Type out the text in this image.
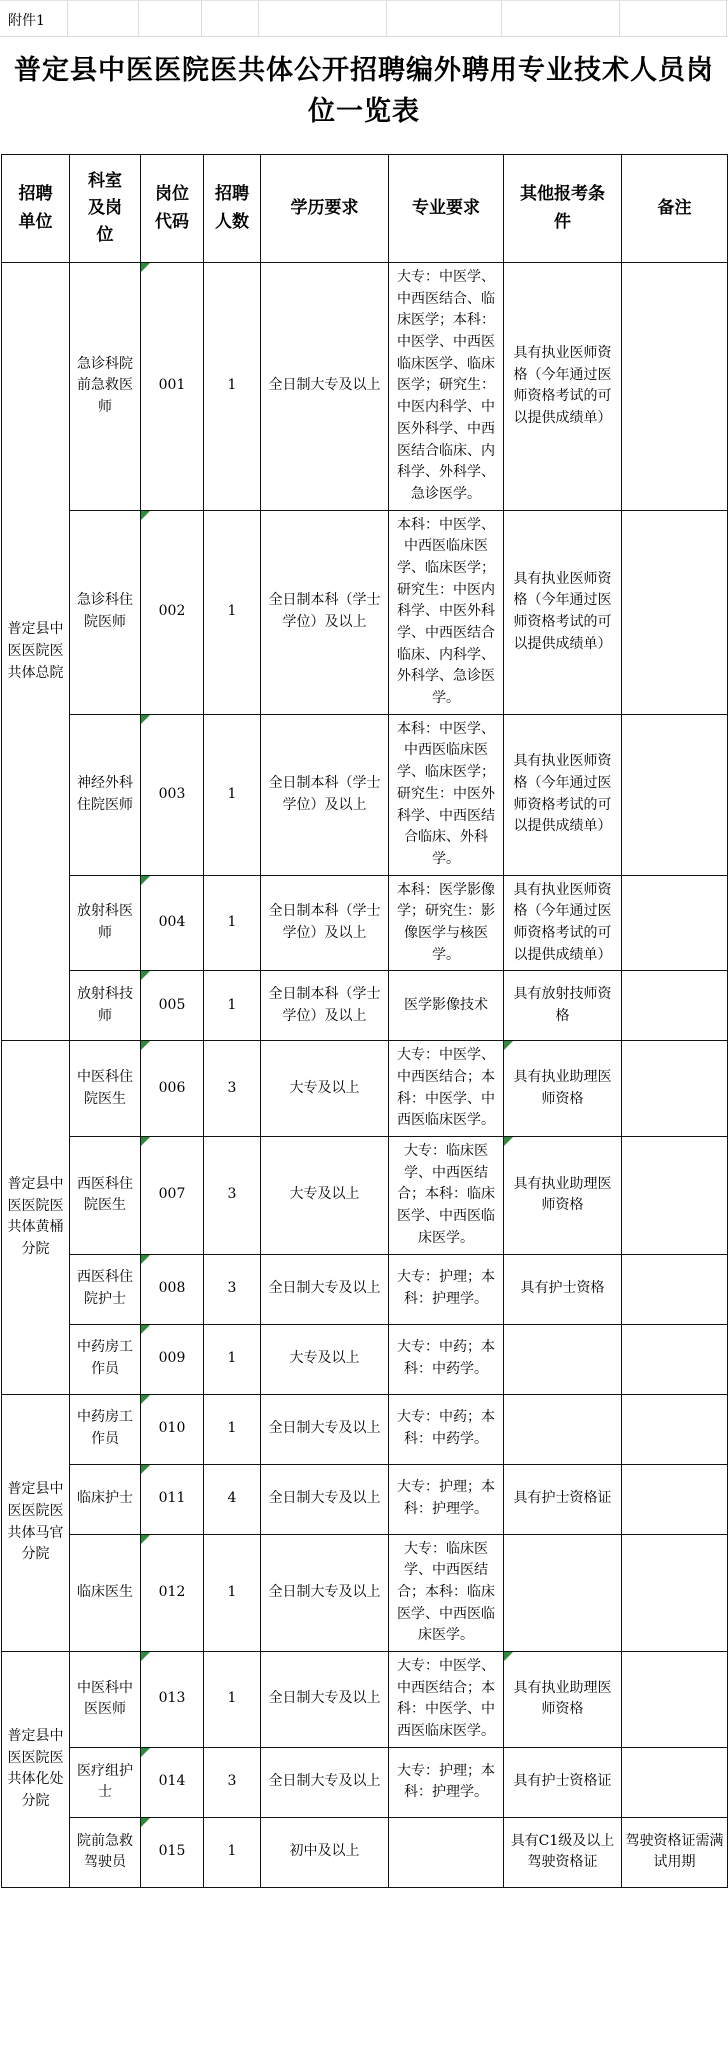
附件1
普定县中医医院医共体公开招聘编外聘用专业技术人员岗位一览表
招聘单位	科室及岗位	岗位代码	招聘人数	学历要求	专业要求	其他报考条件	备注
普定县中医医院医共体总院	急诊科院前急救医师	001	1	全日制大专及以上	大专：中医学、中西医结合、临床医学；本科：中医学、中西医临床医学、临床医学；研究生：中医内科学、中医外科学、中西医结合临床、内科学、外科学、急诊医学。	具有执业医师资格（今年通过医师资格考试的可以提供成绩单）	
	急诊科住院医师	002	1	全日制本科（学士学位）及以上	本科：中医学、中西医临床医学、临床医学；研究生：中医内科学、中医外科学、中西医结合临床、内科学、外科学、急诊医学。	具有执业医师资格（今年通过医师资格考试的可以提供成绩单）	
	神经外科住院医师	003	1	全日制本科（学士学位）及以上	本科：中医学、中西医临床医学、临床医学；研究生：中医外科学、中西医结合临床、外科学。	具有执业医师资格（今年通过医师资格考试的可以提供成绩单）	
	放射科医师	004	1	全日制本科（学士学位）及以上	本科：医学影像学；研究生：影像医学与核医学。	具有执业医师资格（今年通过医师资格考试的可以提供成绩单）	
	放射科技师	005	1	全日制本科（学士学位）及以上	医学影像技术	具有放射技师资格	
普定县中医医院医共体黄桶分院	中医科住院医生	006	3	大专及以上	大专：中医学、中西医结合；本科：中医学、中西医临床医学。	具有执业助理医师资格	
	西医科住院医生	007	3	大专及以上	大专：临床医学、中西医结合；本科：临床医学、中西医临床医学。	具有执业助理医师资格	
	西医科住院护士	008	3	全日制大专及以上	大专：护理；本科：护理学。	具有护士资格	
	中药房工作员	009	1	大专及以上	大专：中药；本科：中药学。		
普定县中医医院医共体马官分院	中药房工作员	010	1	全日制大专及以上	大专：中药；本科：中药学。		
	临床护士	011	4	全日制大专及以上	大专：护理；本科：护理学。	具有护士资格证	
	临床医生	012	1	全日制大专及以上	大专：临床医学、中西医结合；本科：临床医学、中西医临床医学。		
普定县中医医院医共体化处分院	中医科中医医师	013	1	全日制大专及以上	大专：中医学、中西医结合；本科：中医学、中西医临床医学。	具有执业助理医师资格	
	医疗组护士	014	3	全日制大专及以上	大专：护理；本科：护理学。	具有护士资格证	
	院前急救驾驶员	015	1	初中及以上		具有C1级及以上驾驶资格证	驾驶资格证需满试用期
